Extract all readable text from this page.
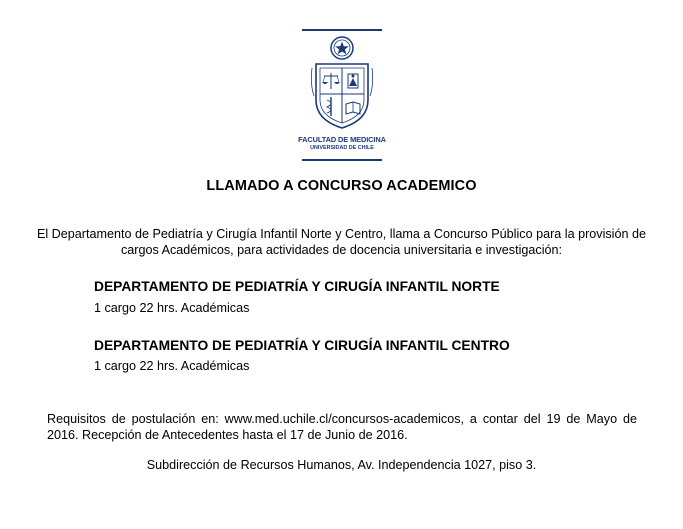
FACULTAD DE MEDICINA
UNIVERSIDAD DE CHILE
LLAMADO A CONCURSO ACADEMICO
El Departamento de Pediatría y Cirugía Infantil Norte y Centro, llama a Concurso Público para la provisión de cargos Académicos, para actividades de docencia universitaria e investigación:
DEPARTAMENTO DE PEDIATRÍA Y CIRUGÍA INFANTIL NORTE
1 cargo 22 hrs. Académicas
DEPARTAMENTO DE PEDIATRÍA Y CIRUGÍA INFANTIL CENTRO
1 cargo 22 hrs. Académicas
Requisitos de postulación en: www.med.uchile.cl/concursos-academicos, a contar del 19 de Mayo de 2016. Recepción de Antecedentes hasta el 17 de Junio de 2016.
Subdirección de Recursos Humanos, Av. Independencia 1027, piso 3.
